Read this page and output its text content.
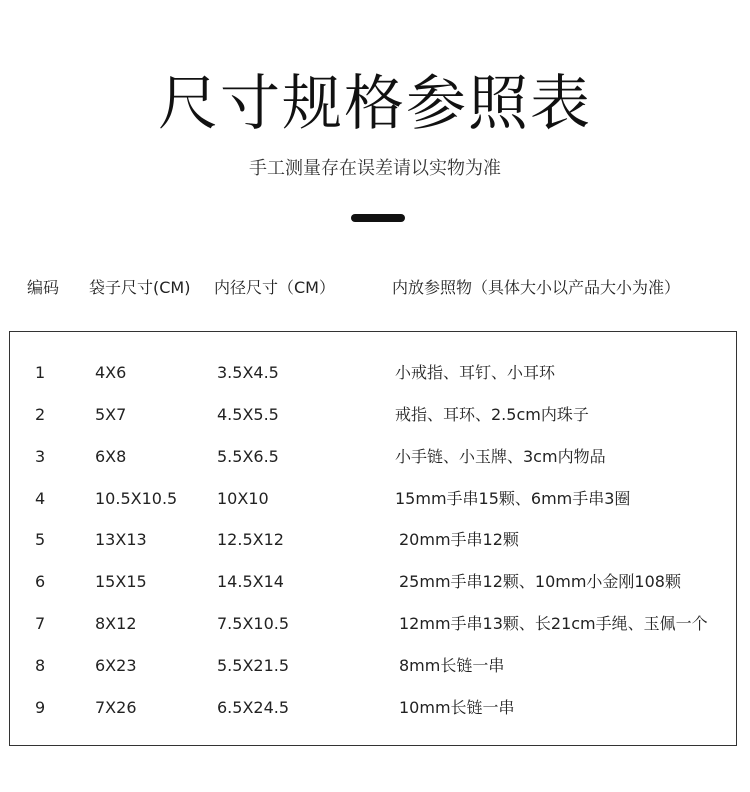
尺寸规格参照表
手工测量存在误差请以实物为准
编码 袋子尺寸(CM) 内径尺寸（CM）	内放参照物（具体大小以产品大小为准）
1	4X6	3.5X4.5	小戒指、耳钉、小耳环
2	5X7	4.5X5.5	戒指、耳环、2.5cm内珠子
3	6X8	5.5X6.5	小手链、小玉牌、3cm内物品
4	10.5X10.5 10X10	15mm手串15颗、6mm手串3圈
5	13X13	12.5X12	20mm手串12颗
6	15X15	14.5X14	25mm手串12颗、10mm小金刚108颗
7	8X12	7.5X10.5	12mm手串13颗、长21cm手绳、玉佩一个
8	6X23	5.5X21.5	8mm长链一串
9	7X26	6.5X24.5	10mm长链一串
